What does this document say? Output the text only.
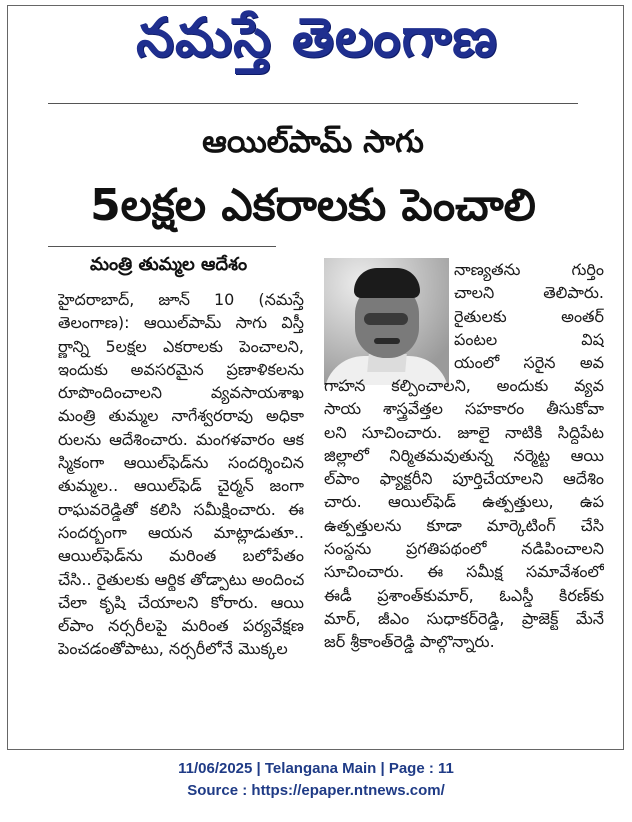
నమస్తే తెలంగాణ
ఆయిల్‌పామ్ సాగు
5లక్షల ఎకరాలకు పెంచాలి
మంత్రి తుమ్మల ఆదేశం
హైదరాబాద్, జూన్ 10 (నమస్తే
తెలంగాణ): ఆయిల్‌పామ్ సాగు విస్తీ
ర్ణాన్ని 5లక్షల ఎకరాలకు పెంచాలని,
ఇందుకు అవసరమైన ప్రణాళికలను
రూపొందించాలని వ్యవసాయశాఖ
మంత్రి తుమ్మల నాగేశ్వరరావు అధికా
రులను ఆదేశించారు. మంగళవారం ఆక
స్మికంగా ఆయిల్‌ఫెడ్‌ను సందర్శించిన
తుమ్మల.. ఆయిల్‌ఫెడ్ చైర్మన్ జంగా
రాఘవరెడ్డితో కలిసి సమీక్షించారు. ఈ
సందర్భంగా ఆయన మాట్లాడుతూ..
ఆయిల్‌ఫెడ్‌ను మరింత బలోపేతం
చేసి.. రైతులకు ఆర్థిక తోడ్పాటు అందించ
చేలా కృషి చేయాలని కోరారు. ఆయి
ల్‌పాం నర్సరీలపై మరింత పర్యవేక్షణ
పెంచడంతోపాటు, నర్సరీలోనే మొక్కల
నాణ్యతను గుర్తిం
చాలని తెలిపారు.
రైతులకు అంతర్
పంటల విష
యంలో సరైన అవ
గాహన కల్పించాలని, అందుకు వ్యవ
సాయ శాస్త్రవేత్తల సహకారం తీసుకోవా
లని సూచించారు. జూలై నాటికి సిద్దిపేట
జిల్లాలో నిర్మితమవుతున్న నర్మెట్ట ఆయి
ల్‌పాం ఫ్యాక్టరీని పూర్తిచేయాలని ఆదేశిం
చారు. ఆయిల్‌ఫెడ్ ఉత్పత్తులు, ఉప
ఉత్పత్తులను కూడా మార్కెటింగ్ చేసి
సంస్థను ప్రగతిపథంలో నడిపించాలని
సూచించారు. ఈ సమీక్ష సమావేశంలో
ఈడీ ప్రశాంత్‌కుమార్, ఓఎస్డీ కిరణ్‌కు
మార్, జీఎం సుధాకర్‌రెడ్డి, ప్రాజెక్ట్ మేనే
జర్ శ్రీకాంత్‌రెడ్డి పాల్గొన్నారు.
11/06/2025 | Telangana Main | Page : 11
Source : https://epaper.ntnews.com/
